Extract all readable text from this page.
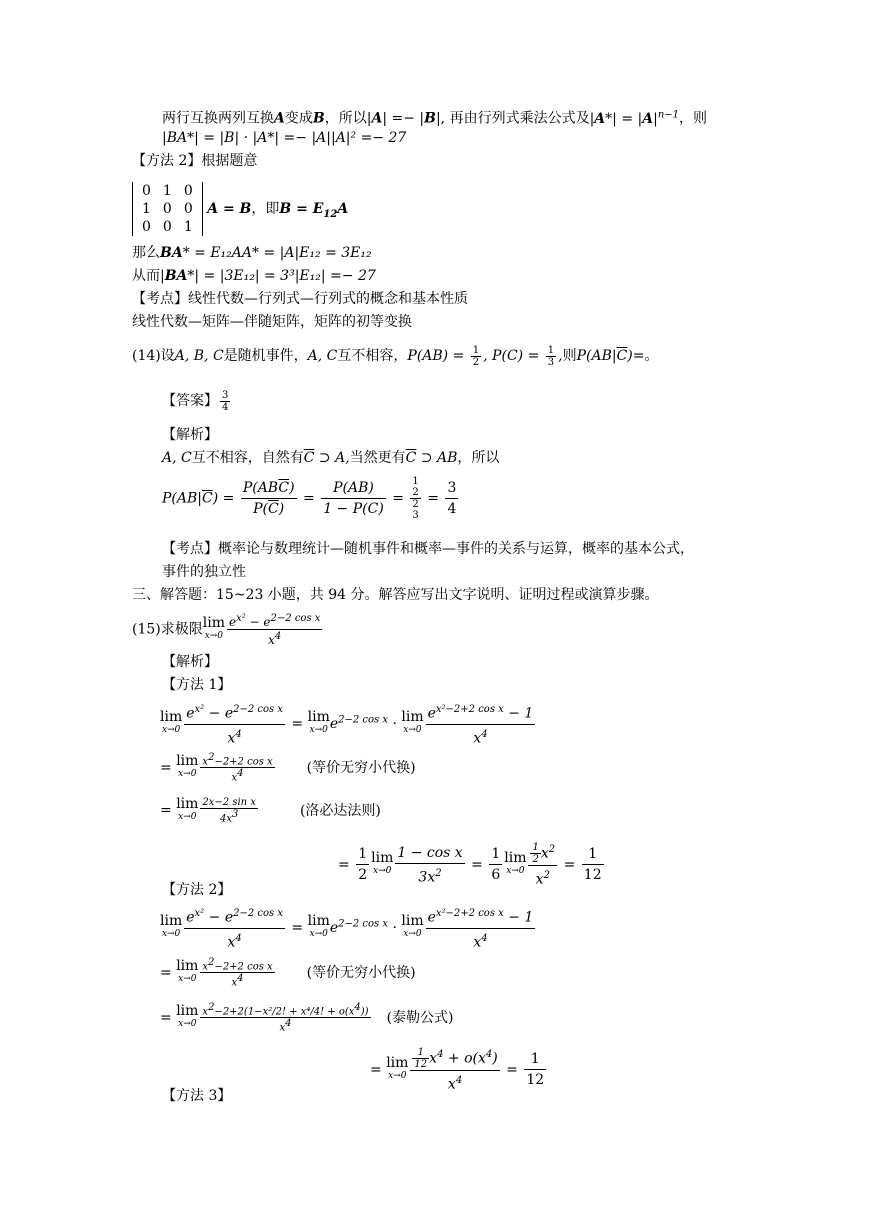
两行互换两列互换A变成B，所以|A| =− |B|, 再由行列式乘法公式及$|A*| = |A|^{n-1}$，则
|BA*| = |B| · |A*| =− |A||A|² =− 27
【方法 2】根据题意
0	1	0
1	0	0
0	0	1
A = B，即$B = E_{12}A$
那么BA* = E₁₂AA* = |A|E₁₂ = 3E₁₂
从而|BA*| = |3E₁₂| = 3³|E₁₂| =− 27
【考点】线性代数—行列式—行列式的概念和基本性质
线性代数—矩阵—伴随矩阵，矩阵的初等变换
(14)设A, B, C是随机事件，A, C互不相容，$P(AB) = \frac{1}{2}$ , $P(C) = \frac{1}{3}$ ,则$P(AB|\overline{C})=$。
【答案】 $\frac{3}{4}$
【解析】
A, C互不相容，自然有$\overline{C}$ ⊃ A,当然更有$\overline{C}$ ⊃ AB，所以
$P(AB|\overline{C}) = \frac{P(AB\overline{C})}{P(\overline{C})} = \frac{P(AB)}{1 - P(C)}$ =
1
2
2
3
= $\frac{3}{4}$
【考点】概率论与数理统计—随机事件和概率—事件的关系与运算，概率的基本公式，
事件的独立性
三、解答题：15~23 小题，共 94 分。解答应写出文字说明、证明过程或演算步骤。
(15)求极限 lim
$x\to 0 \frac{e^{x^2} - e^{2-2 cos x}}{x^4}$
【解析】
【方法 1】
lim
$x\to 0 \frac{e^{x^2} - e^{2-2 cos x}}{x^4} = \lim$
x→0 $e^{2-2 cos x} \cdot \lim$
$x\to 0 \frac{e^{x^2-2+2 cos x} - 1}{x^4}$
= lim
$x\to 0 \frac{x^2-2+2 \cos x}{x^4}$ (等价无穷小代换)
= lim
$x\to 0 \frac{\text{2x−2 sin x}}{4x^3}$	(洛必达法则)
= $\frac{1}{2}$ lim
$x\to 0 \frac{\text{1 − cos x}}{3x^2} = \frac{1}{6}$ lim
$x\to 0 \frac{\frac{1}{2} x^2}{x^2} = \frac{1}{12}$
【方法 2】
lim
$x\to 0 \frac{e^{x^2} - e^{2-2 cos x}}{x^4} = \lim$
x→0 $e^{2-2 cos x} \cdot \lim$
$x\to 0 \frac{e^{x^2-2+2 cos x} - 1}{x^4}$
= lim
$x\to 0 \frac{x^2-2+2 \cos x}{x^4}$ (等价无穷小代换)
= lim
$x\to 0 \frac{x^2-2+2(1-x^2/2! + x^4/4! + o(x^4))}{x^4}$ (泰勒公式)
= lim
$x\to 0 \frac{\frac{1}{12} x^4 + o(x^4)}{x^4} = \frac{1}{12}$
【方法 3】
